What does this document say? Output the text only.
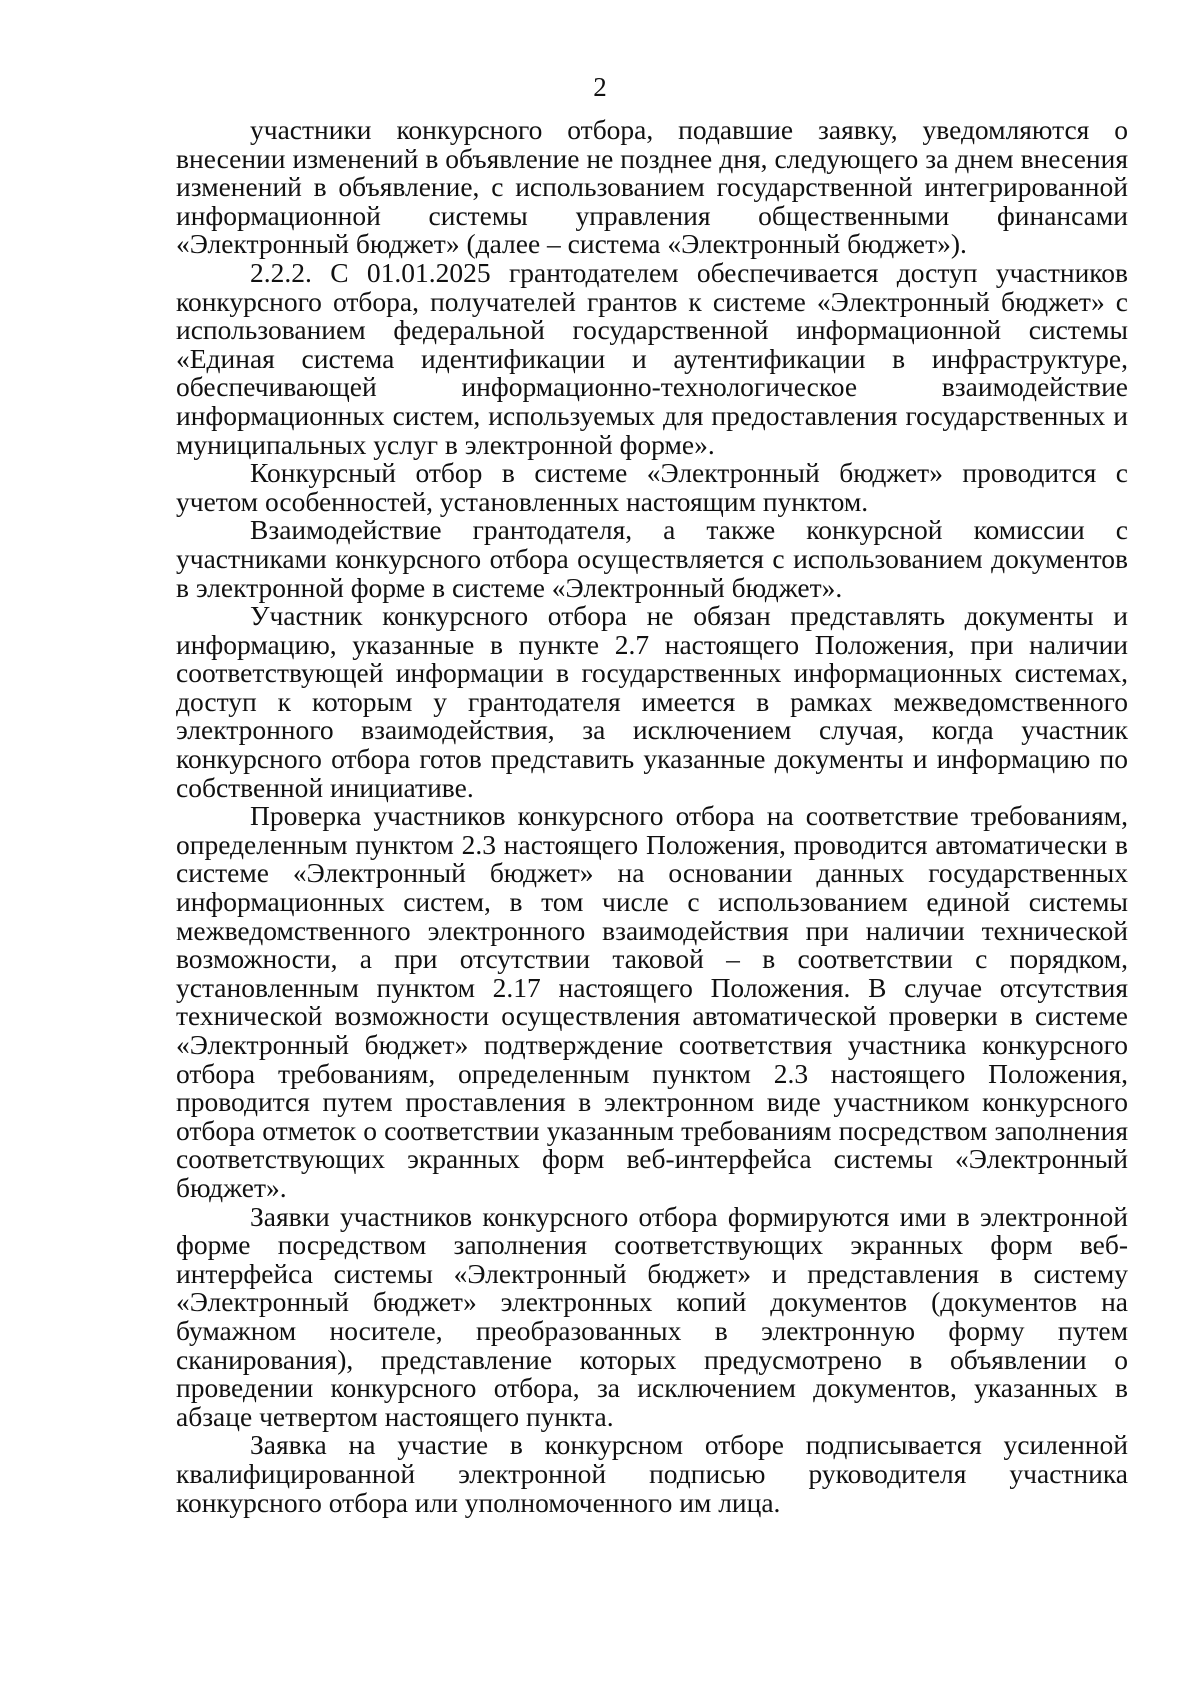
2

участники конкурсного отбора, подавшие заявку, уведомляются о внесении изменений в объявление не позднее дня, следующего за днем внесения изменений в объявление, с использованием государственной интегрированной информационной системы управления общественными финансами «Электронный бюджет» (далее – система «Электронный бюджет»).

2.2.2. С 01.01.2025 грантодателем обеспечивается доступ участников конкурсного отбора, получателей грантов к системе «Электронный бюджет» с использованием федеральной государственной информационной системы «Единая система идентификации и аутентификации в инфраструктуре, обеспечивающей информационно-технологическое взаимодействие информационных систем, используемых для предоставления государственных и муниципальных услуг в электронной форме».

Конкурсный отбор в системе «Электронный бюджет» проводится с учетом особенностей, установленных настоящим пунктом.

Взаимодействие грантодателя, а также конкурсной комиссии с участниками конкурсного отбора осуществляется с использованием документов в электронной форме в системе «Электронный бюджет».

Участник конкурсного отбора не обязан представлять документы и информацию, указанные в пункте 2.7 настоящего Положения, при наличии соответствующей информации в государственных информационных системах, доступ к которым у грантодателя имеется в рамках межведомственного электронного взаимодействия, за исключением случая, когда участник конкурсного отбора готов представить указанные документы и информацию по собственной инициативе.

Проверка участников конкурсного отбора на соответствие требованиям, определенным пунктом 2.3 настоящего Положения, проводится автоматически в системе «Электронный бюджет» на основании данных государственных информационных систем, в том числе с использованием единой системы межведомственного электронного взаимодействия при наличии технической возможности, а при отсутствии таковой – в соответствии с порядком, установленным пунктом 2.17 настоящего Положения. В случае отсутствия технической возможности осуществления автоматической проверки в системе «Электронный бюджет» подтверждение соответствия участника конкурсного отбора требованиям, определенным пунктом 2.3 настоящего Положения, проводится путем проставления в электронном виде участником конкурсного отбора отметок о соответствии указанным требованиям посредством заполнения соответствующих экранных форм веб-интерфейса системы «Электронный бюджет».

Заявки участников конкурсного отбора формируются ими в электронной форме посредством заполнения соответствующих экранных форм веб-интерфейса системы «Электронный бюджет» и представления в систему «Электронный бюджет» электронных копий документов (документов на бумажном носителе, преобразованных в электронную форму путем сканирования), представление которых предусмотрено в объявлении о проведении конкурсного отбора, за исключением документов, указанных в абзаце четвертом настоящего пункта.

Заявка на участие в конкурсном отборе подписывается усиленной квалифицированной электронной подписью руководителя участника конкурсного отбора или уполномоченного им лица.
